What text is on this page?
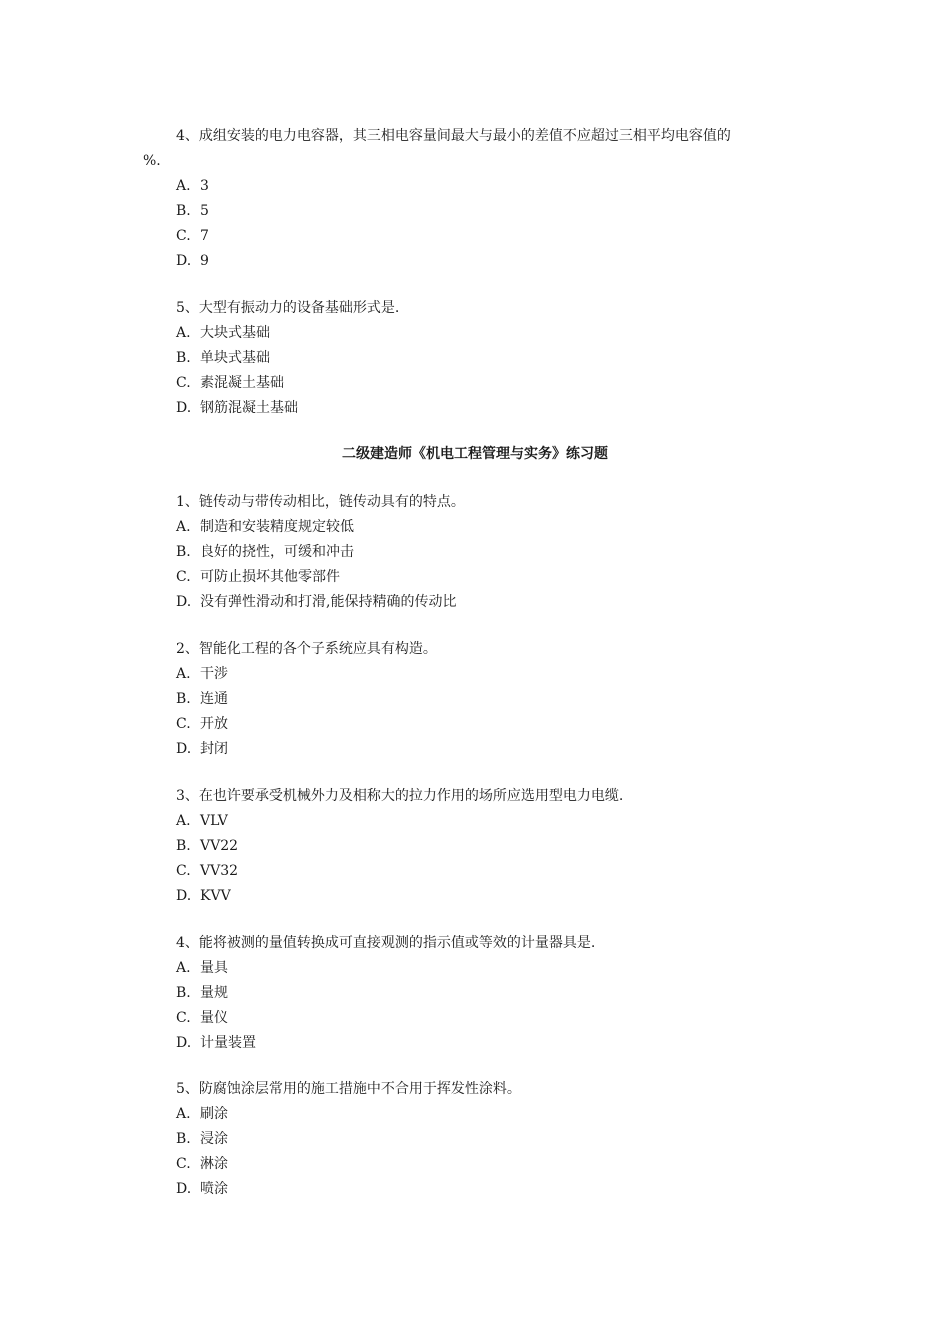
4、成组安装的电力电容器，其三相电容量间最大与最小的差值不应超过三相平均电容值的
%.
A. 3
B. 5
C. 7
D. 9
5、大型有振动力的设备基础形式是.
A. 大块式基础
B. 单块式基础
C. 素混凝土基础
D. 钢筋混凝土基础
二级建造师《机电工程管理与实务》练习题
1、链传动与带传动相比，链传动具有的特点。
A. 制造和安装精度规定较低
B. 良好的挠性，可缓和冲击
C. 可防止损坏其他零部件
D. 没有弹性滑动和打滑,能保持精确的传动比
2、智能化工程的各个子系统应具有构造。
A. 干涉
B. 连通
C. 开放
D. 封闭
3、在也许要承受机械外力及相称大的拉力作用的场所应选用型电力电缆.
A. VLV
B. VV22
C. VV32
D. KVV
4、能将被测的量值转换成可直接观测的指示值或等效的计量器具是.
A. 量具
B. 量规
C. 量仪
D. 计量装置
5、防腐蚀涂层常用的施工措施中不合用于挥发性涂料。
A. 刷涂
B. 浸涂
C. 淋涂
D. 喷涂
